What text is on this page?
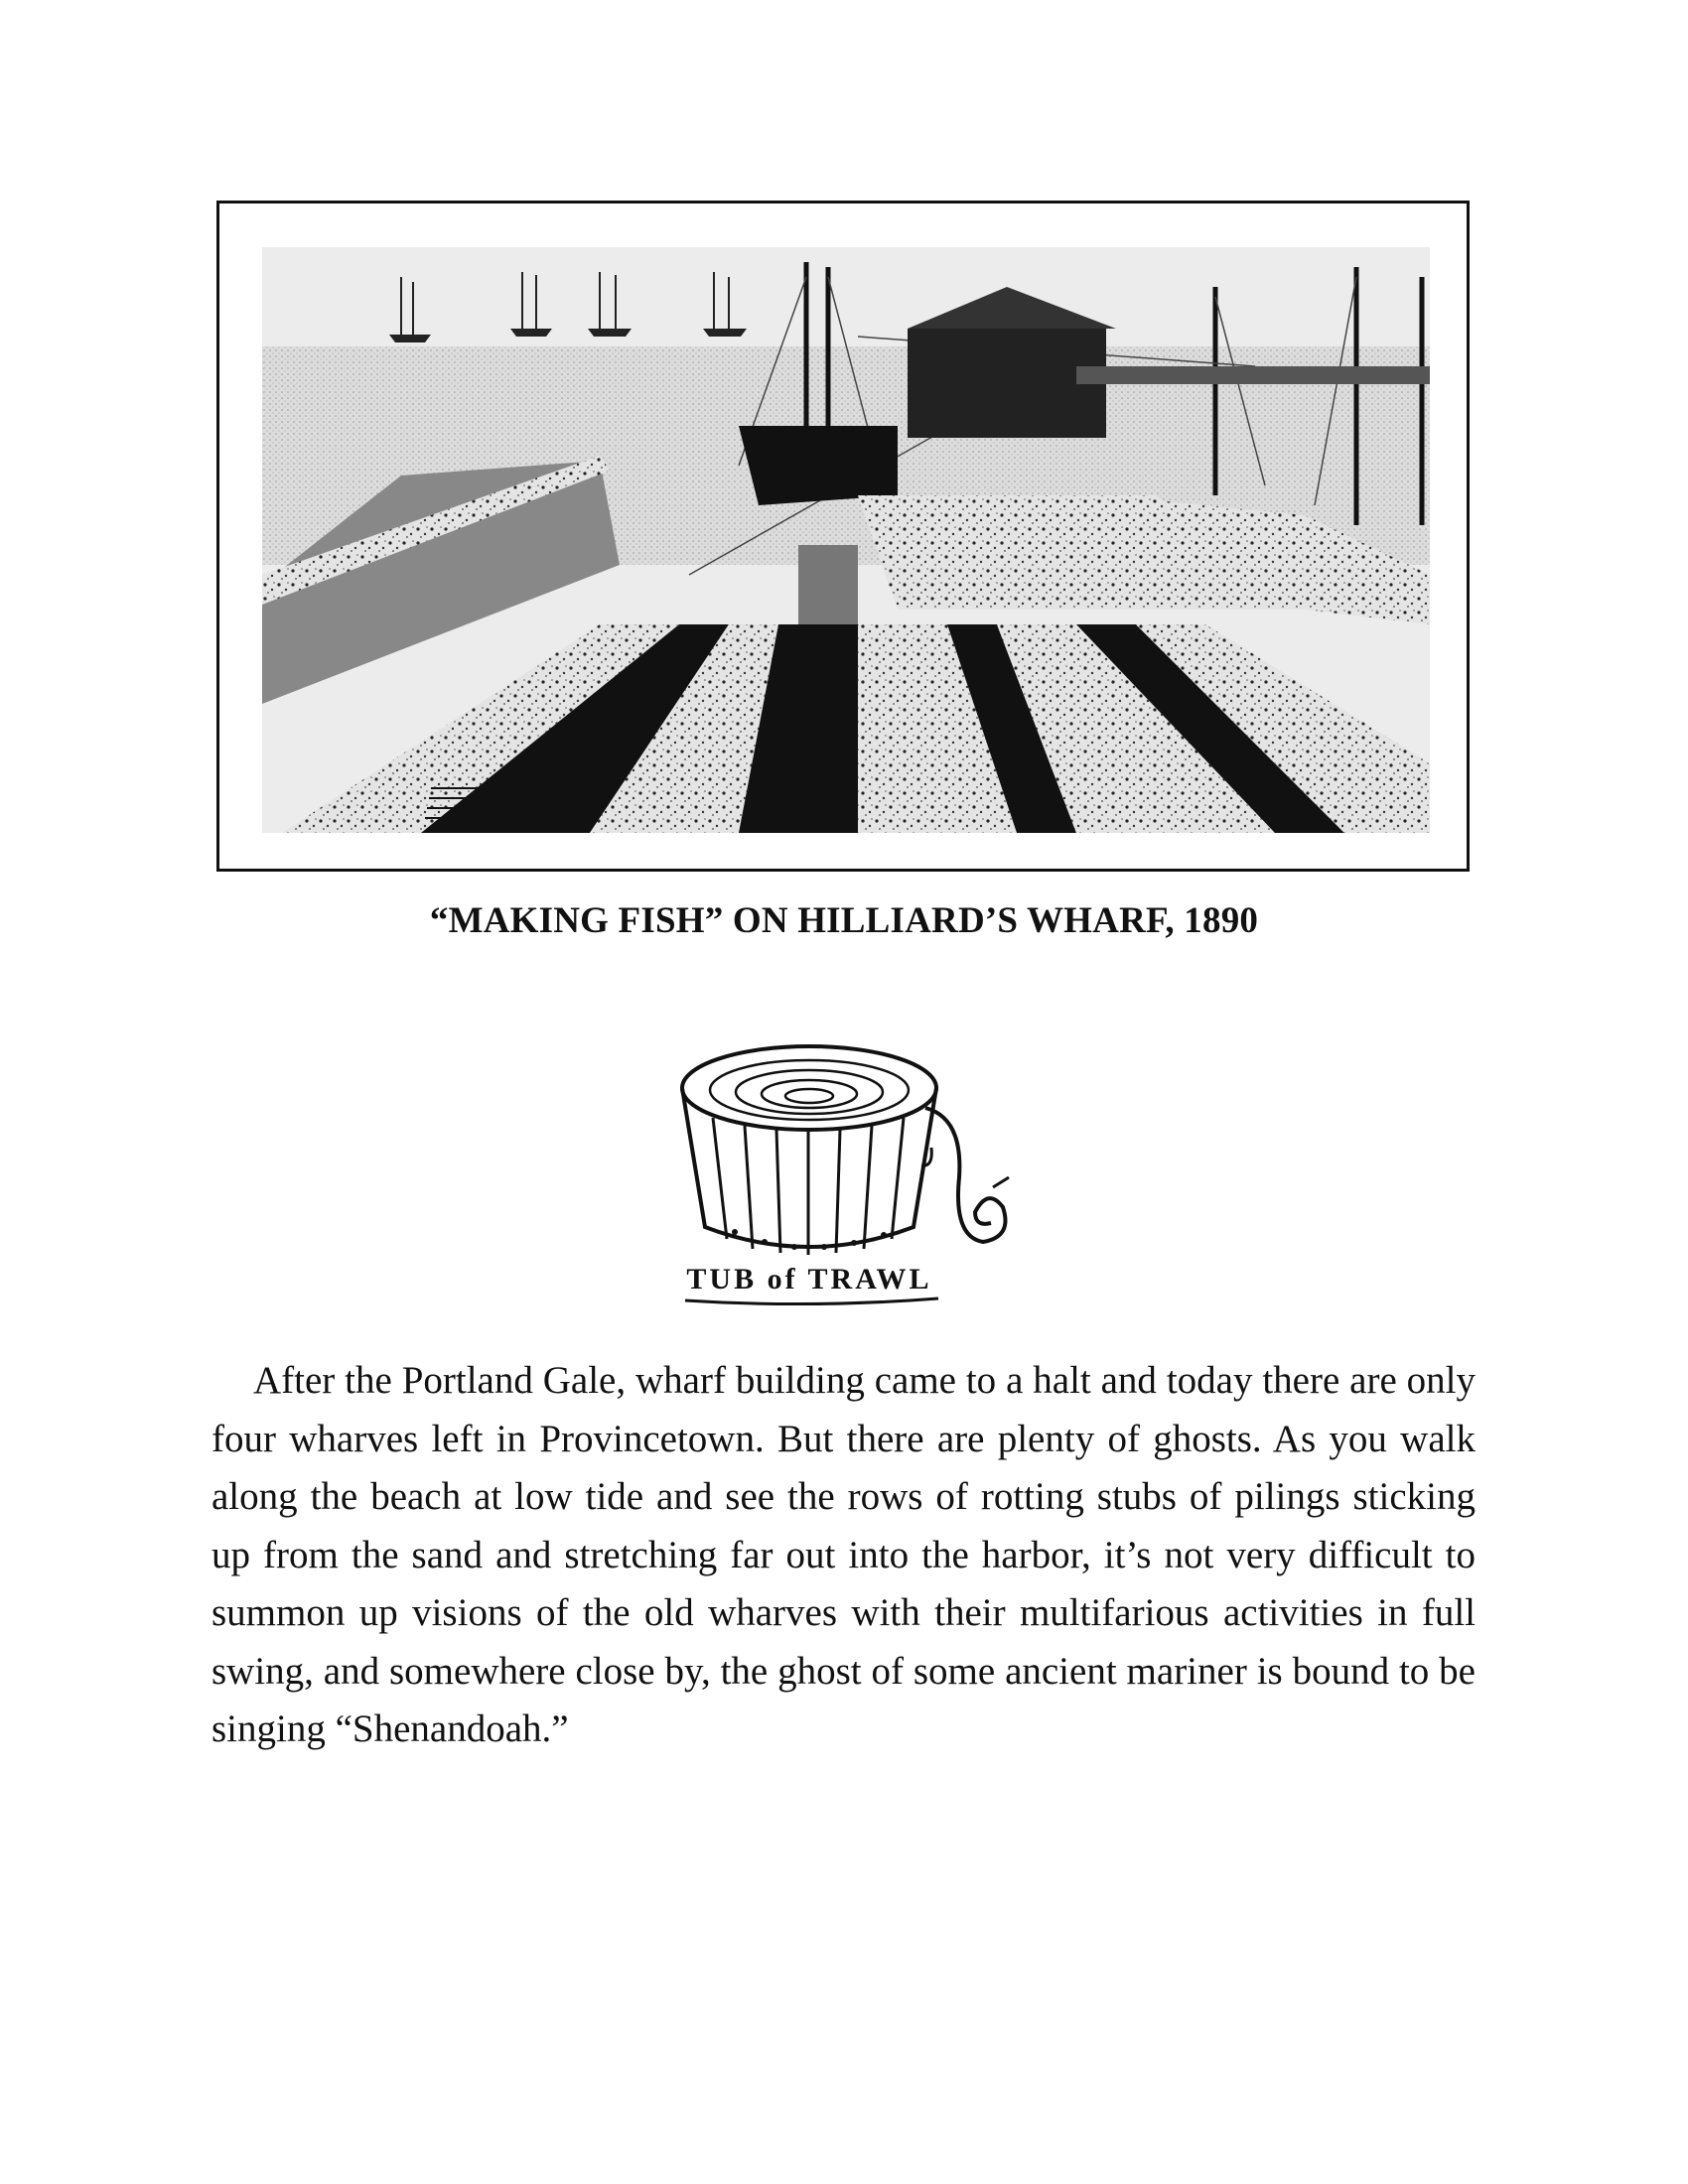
“MAKING FISH” ON HILLIARD’S WHARF, 1890
TUB of TRAWL

After the Portland Gale, wharf building came to a halt and today there are only four wharves left in Provincetown. But there are plenty of ghosts. As you walk along the beach at low tide and see the rows of rotting stubs of pilings sticking up from the sand and stretching far out into the harbor, it’s not very difficult to summon up visions of the old wharves with their multifarious activities in full swing, and somewhere close by, the ghost of some ancient mariner is bound to be singing “Shenandoah.”
